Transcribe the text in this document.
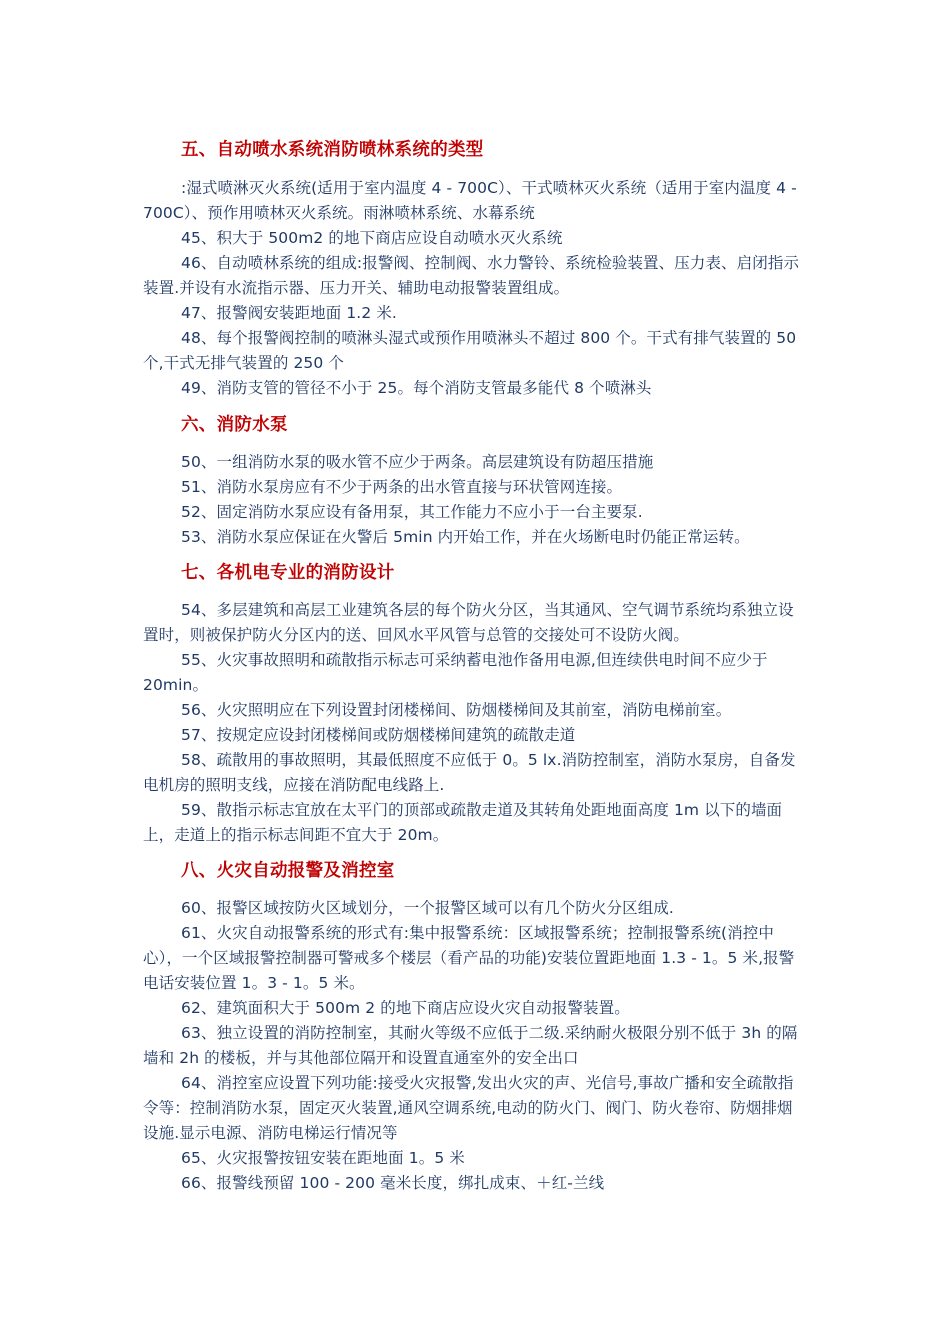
五、自动喷水系统消防喷林系统的类型

:湿式喷淋灭火系统(适用于室内温度 4 - 700C）、干式喷林灭火系统（适用于室内温度 4 - 700C）、预作用喷林灭火系统。雨淋喷林系统、水幕系统

45、积大于 500m2 的地下商店应设自动喷水灭火系统

46、自动喷林系统的组成:报警阀、控制阀、水力警铃、系统检验装置、压力表、启闭指示装置.并设有水流指示器、压力开关、辅助电动报警装置组成。

47、报警阀安装距地面 1.2 米.

48、每个报警阀控制的喷淋头湿式或预作用喷淋头不超过 800 个。干式有排气装置的 50 个,干式无排气装置的 250 个

49、消防支管的管径不小于 25。每个消防支管最多能代 8 个喷淋头

六、消防水泵

50、一组消防水泵的吸水管不应少于两条。高层建筑设有防超压措施

51、消防水泵房应有不少于两条的出水管直接与环状管网连接。

52、固定消防水泵应设有备用泵，其工作能力不应小于一台主要泵.

53、消防水泵应保证在火警后 5min 内开始工作，并在火场断电时仍能正常运转。

七、各机电专业的消防设计

54、多层建筑和高层工业建筑各层的每个防火分区，当其通风、空气调节系统均系独立设置时，则被保护防火分区内的送、回风水平风管与总管的交接处可不设防火阀。

55、火灾事故照明和疏散指示标志可采纳蓄电池作备用电源,但连续供电时间不应少于 20min。

56、火灾照明应在下列设置封闭楼梯间、防烟楼梯间及其前室，消防电梯前室。

57、按规定应设封闭楼梯间或防烟楼梯间建筑的疏散走道

58、疏散用的事故照明，其最低照度不应低于 0。5 lx.消防控制室，消防水泵房，自备发电机房的照明支线，应接在消防配电线路上.

59、散指示标志宜放在太平门的顶部或疏散走道及其转角处距地面高度 1m 以下的墙面上，走道上的指示标志间距不宜大于 20m。

八、火灾自动报警及消控室

60、报警区域按防火区域划分，一个报警区域可以有几个防火分区组成.

61、火灾自动报警系统的形式有:集中报警系统：区域报警系统；控制报警系统(消控中心），一个区域报警控制器可警戒多个楼层（看产品的功能)安装位置距地面 1.3 - 1。5 米,报警电话安装位置 1。3 - 1。5 米。

62、建筑面积大于 500m 2 的地下商店应设火灾自动报警装置。

63、独立设置的消防控制室，其耐火等级不应低于二级.采纳耐火极限分别不低于 3h 的隔墙和 2h 的楼板，并与其他部位隔开和设置直通室外的安全出口

64、消控室应设置下列功能:接受火灾报警,发出火灾的声、光信号,事故广播和安全疏散指令等：控制消防水泵，固定灭火装置,通风空调系统,电动的防火门、阀门、防火卷帘、防烟排烟设施.显示电源、消防电梯运行情况等

65、火灾报警按钮安装在距地面 1。5 米

66、报警线预留 100 - 200 毫米长度，绑扎成束、＋红-兰线
